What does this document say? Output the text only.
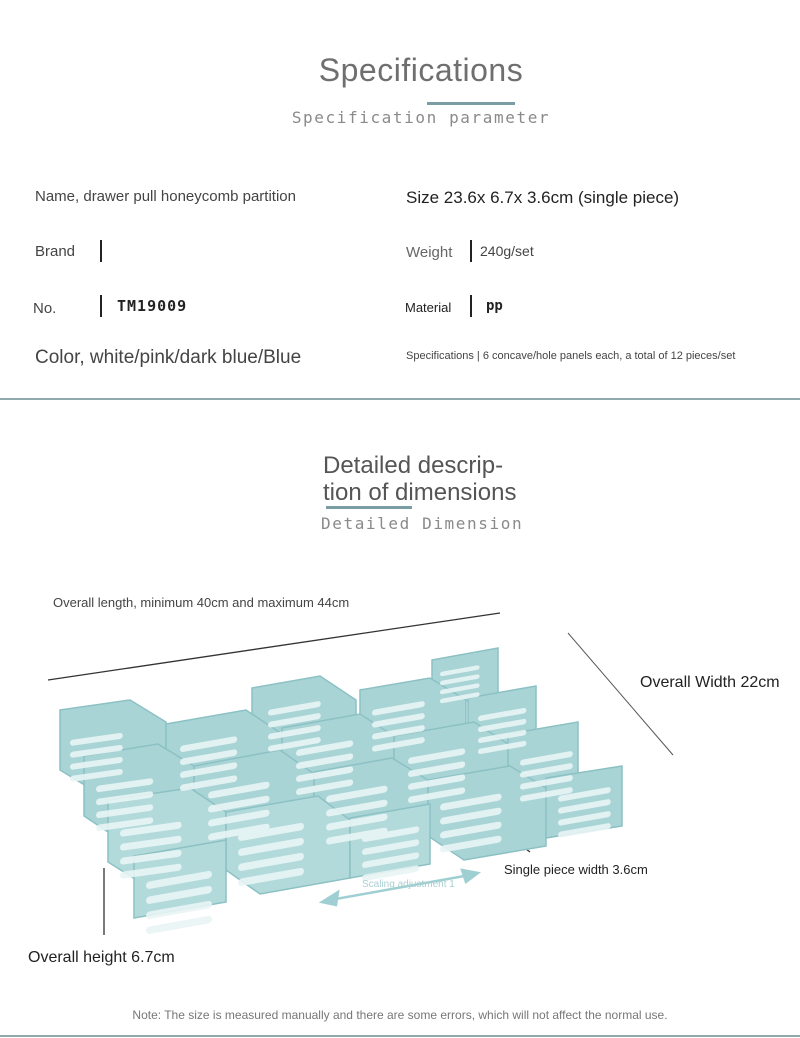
Specifications
Specification parameter
Name, drawer pull honeycomb partition	Size 23.6x 6.7x 3.6cm (single piece)
Brand	Weight 240g/set
No.	TM19009	Material pp
Color, white/pink/dark blue/Blue	Specifications | 6 concave/hole panels each, a total of 12 pieces/set
Detailed descrip-
tion of dimensions
Detailed Dimension
Overall length, minimum 40cm and maximum 44cm
Overall Width 22cm
Single piece width 3.6cm
Scaling adjustment 1
Overall height 6.7cm
Note: The size is measured manually and there are some errors, which will not affect the normal use.
